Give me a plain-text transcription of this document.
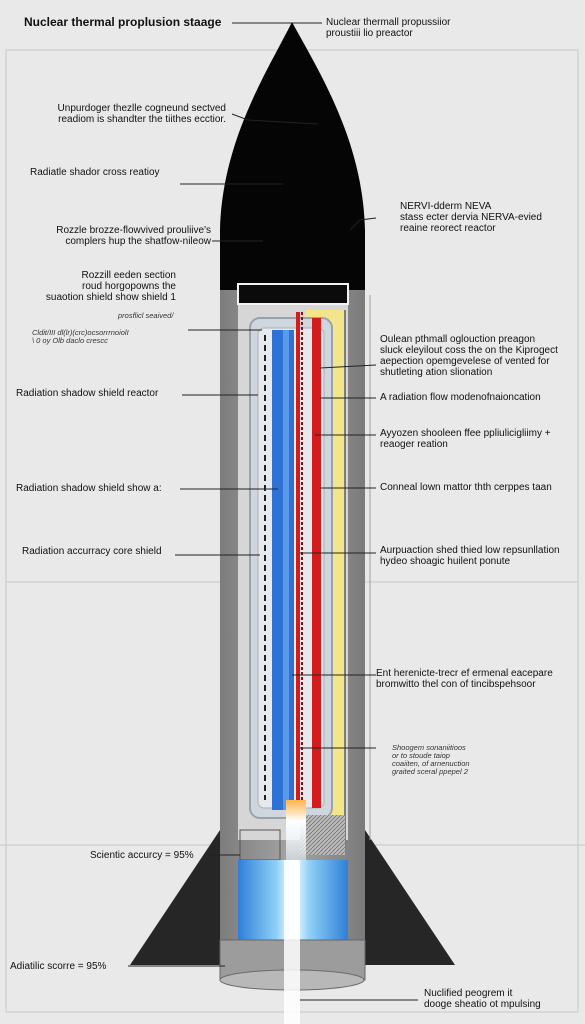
Nuclear thermal proplusion staage
Unpurdoger thezlle cogneund sectved
readiom is shandter the tiithes ecctior.
Radiatle shador cross reatioy
Rozzle brozze-flowvived prouliive's
complers hup the shatfow-nileow
Rozzill eeden section
roud horgopowns the
suaotion shield show shield 1
prosflicl seaived/
Cldit/III dl(lr)(crc)ocsorrrnoiolI
\ 0 oy Olb daclo crescc
Radiation shadow shield reactor
Radiation shadow shield show a:
Radiation accurracy core shield
Scientic accurcy = 95%
Adiatilic scorre = 95%
Nuclear thermall propussiior
proustiii lio preactor
NERVI-dderm NEVA
stass ecter dervia NERVA-evied
reaine reorect reactor
Oulean pthmall oglouction preagon
sluck eleyilout coss the on the Kiprogect
aepection opemgevelese of vented for
shutleting ation slionation
A radiation flow modenofnaioncation
Ayyozen shooleen ffee ppliulicigliimy +
reaoger reation
Conneal lown mattor thth cerppes taan
Aurpuaction shed thied low repsunllation
hydeo shoagic huilent ponute
Ent herenicte-trecr ef ermenal eacepare
bromwitto thel con of tincibspehsoor
Shoogem sonaniitioos
or to stoude taiop
coaiiten, of arnenuction
graited sceral ppepel 2
Nuclified peogrem it
dooge sheatio ot mpulsing
